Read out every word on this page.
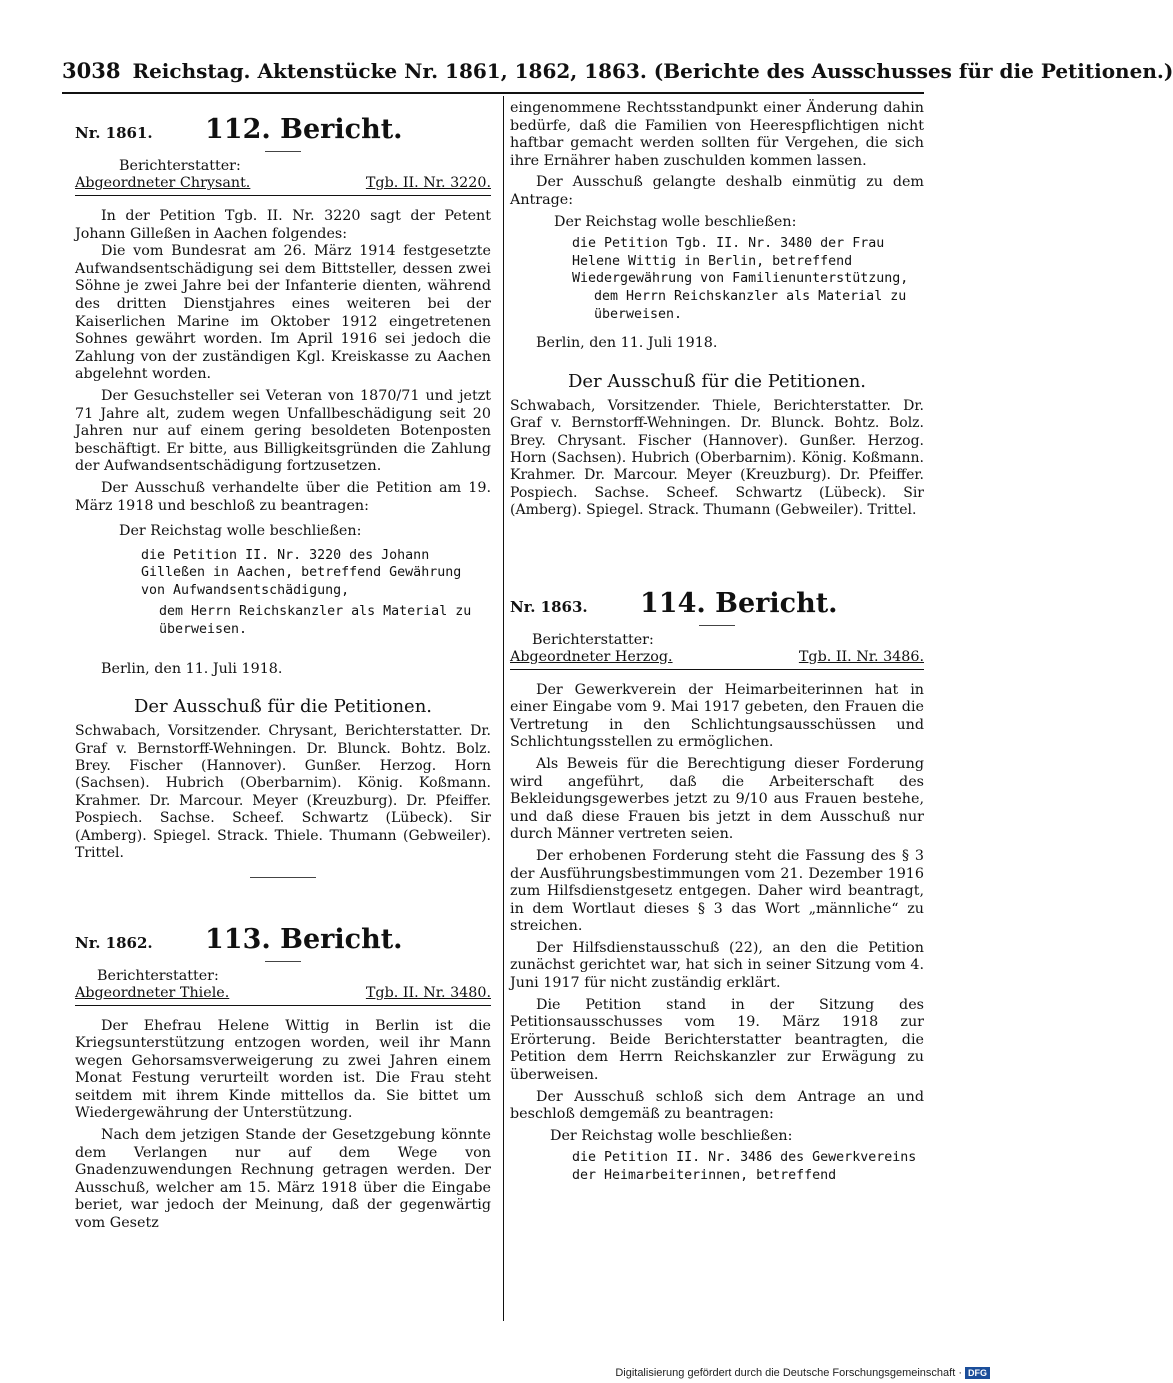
3038 Reichstag. Aktenstücke Nr. 1861, 1862, 1863. (Berichte des Ausschusses für die Petitionen.)
Nr. 1861.	112. Bericht.
Berichterstatter:
Abgeordneter Chrysant.	Tgb. II. Nr. 3220.

In der Petition Tgb. II. Nr. 3220 sagt der Petent Johann Gilleßen in Aachen folgendes:

Die vom Bundesrat am 26. März 1914 festgesetzte Aufwandsentschädigung sei dem Bittsteller, dessen zwei Söhne je zwei Jahre bei der Infanterie dienten, während des dritten Dienstjahres eines weiteren bei der Kaiserlichen Marine im Oktober 1912 eingetretenen Sohnes gewährt worden. Im April 1916 sei jedoch die Zahlung von der zuständigen Kgl. Kreiskasse zu Aachen abgelehnt worden.

Der Gesuchsteller sei Veteran von 1870/71 und jetzt 71 Jahre alt, zudem wegen Unfallbeschädigung seit 20 Jahren nur auf einem gering besoldeten Botenposten beschäftigt. Er bitte, aus Billigkeitsgründen die Zahlung der Aufwandsentschädigung fortzusetzen.

Der Ausschuß verhandelte über die Petition am 19. März 1918 und beschloß zu beantragen:

Der Reichstag wolle beschließen:

die Petition II. Nr. 3220 des Johann Gilleßen in Aachen, betreffend Gewährung von Aufwandsentschädigung,

dem Herrn Reichskanzler als Material zu überweisen.

Berlin, den 11. Juli 1918.

Der Ausschuß für die Petitionen.

Schwabach, Vorsitzender. Chrysant, Berichterstatter. Dr. Graf v. Bernstorff-Wehningen. Dr. Blunck. Bohtz. Bolz. Brey. Fischer (Hannover). Gunßer. Herzog. Horn (Sachsen). Hubrich (Oberbarnim). König. Koßmann. Krahmer. Dr. Marcour. Meyer (Kreuzburg). Dr. Pfeiffer. Pospiech. Sachse. Scheef. Schwartz (Lübeck). Sir (Amberg). Spiegel. Strack. Thiele. Thumann (Gebweiler). Trittel.

Nr. 1862.	113. Bericht.
Berichterstatter:
Abgeordneter Thiele.	Tgb. II. Nr. 3480.

Der Ehefrau Helene Wittig in Berlin ist die Kriegsunterstützung entzogen worden, weil ihr Mann wegen Gehorsamsverweigerung zu zwei Jahren einem Monat Festung verurteilt worden ist. Die Frau steht seitdem mit ihrem Kinde mittellos da. Sie bittet um Wiedergewährung der Unterstützung.

Nach dem jetzigen Stande der Gesetzgebung könnte dem Verlangen nur auf dem Wege von Gnadenzuwendungen Rechnung getragen werden. Der Ausschuß, welcher am 15. März 1918 über die Eingabe beriet, war jedoch der Meinung, daß der gegenwärtig vom Gesetz

eingenommene Rechtsstandpunkt einer Änderung dahin bedürfe, daß die Familien von Heerespflichtigen nicht haftbar gemacht werden sollten für Vergehen, die sich ihre Ernährer haben zuschulden kommen lassen.

Der Ausschuß gelangte deshalb einmütig zu dem Antrage:

Der Reichstag wolle beschließen:

die Petition Tgb. II. Nr. 3480 der Frau Helene Wittig in Berlin, betreffend Wiedergewährung von Familienunterstützung,

dem Herrn Reichskanzler als Material zu überweisen.

Berlin, den 11. Juli 1918.

Der Ausschuß für die Petitionen.

Schwabach, Vorsitzender. Thiele, Berichterstatter. Dr. Graf v. Bernstorff-Wehningen. Dr. Blunck. Bohtz. Bolz. Brey. Chrysant. Fischer (Hannover). Gunßer. Herzog. Horn (Sachsen). Hubrich (Oberbarnim). König. Koßmann. Krahmer. Dr. Marcour. Meyer (Kreuzburg). Dr. Pfeiffer. Pospiech. Sachse. Scheef. Schwartz (Lübeck). Sir (Amberg). Spiegel. Strack. Thumann (Gebweiler). Trittel.

Nr. 1863.	114. Bericht.
Berichterstatter:
Abgeordneter Herzog.	Tgb. II. Nr. 3486.

Der Gewerkverein der Heimarbeiterinnen hat in einer Eingabe vom 9. Mai 1917 gebeten, den Frauen die Vertretung in den Schlichtungsausschüssen und Schlichtungsstellen zu ermöglichen.

Als Beweis für die Berechtigung dieser Forderung wird angeführt, daß die Arbeiterschaft des Bekleidungsgewerbes jetzt zu 9/10 aus Frauen bestehe, und daß diese Frauen bis jetzt in dem Ausschuß nur durch Männer vertreten seien.

Der erhobenen Forderung steht die Fassung des § 3 der Ausführungsbestimmungen vom 21. Dezember 1916 zum Hilfsdienstgesetz entgegen. Daher wird beantragt, in dem Wortlaut dieses § 3 das Wort „männliche“ zu streichen.

Der Hilfsdienstausschuß (22), an den die Petition zunächst gerichtet war, hat sich in seiner Sitzung vom 4. Juni 1917 für nicht zuständig erklärt.

Die Petition stand in der Sitzung des Petitionsausschusses vom 19. März 1918 zur Erörterung. Beide Berichterstatter beantragten, die Petition dem Herrn Reichskanzler zur Erwägung zu überweisen.

Der Ausschuß schloß sich dem Antrage an und beschloß demgemäß zu beantragen:

Der Reichstag wolle beschließen:

die Petition II. Nr. 3486 des Gewerkvereins der Heimarbeiterinnen, betreffend

Digitalisierung gefördert durch die Deutsche Forschungsgemeinschaft · DFG
